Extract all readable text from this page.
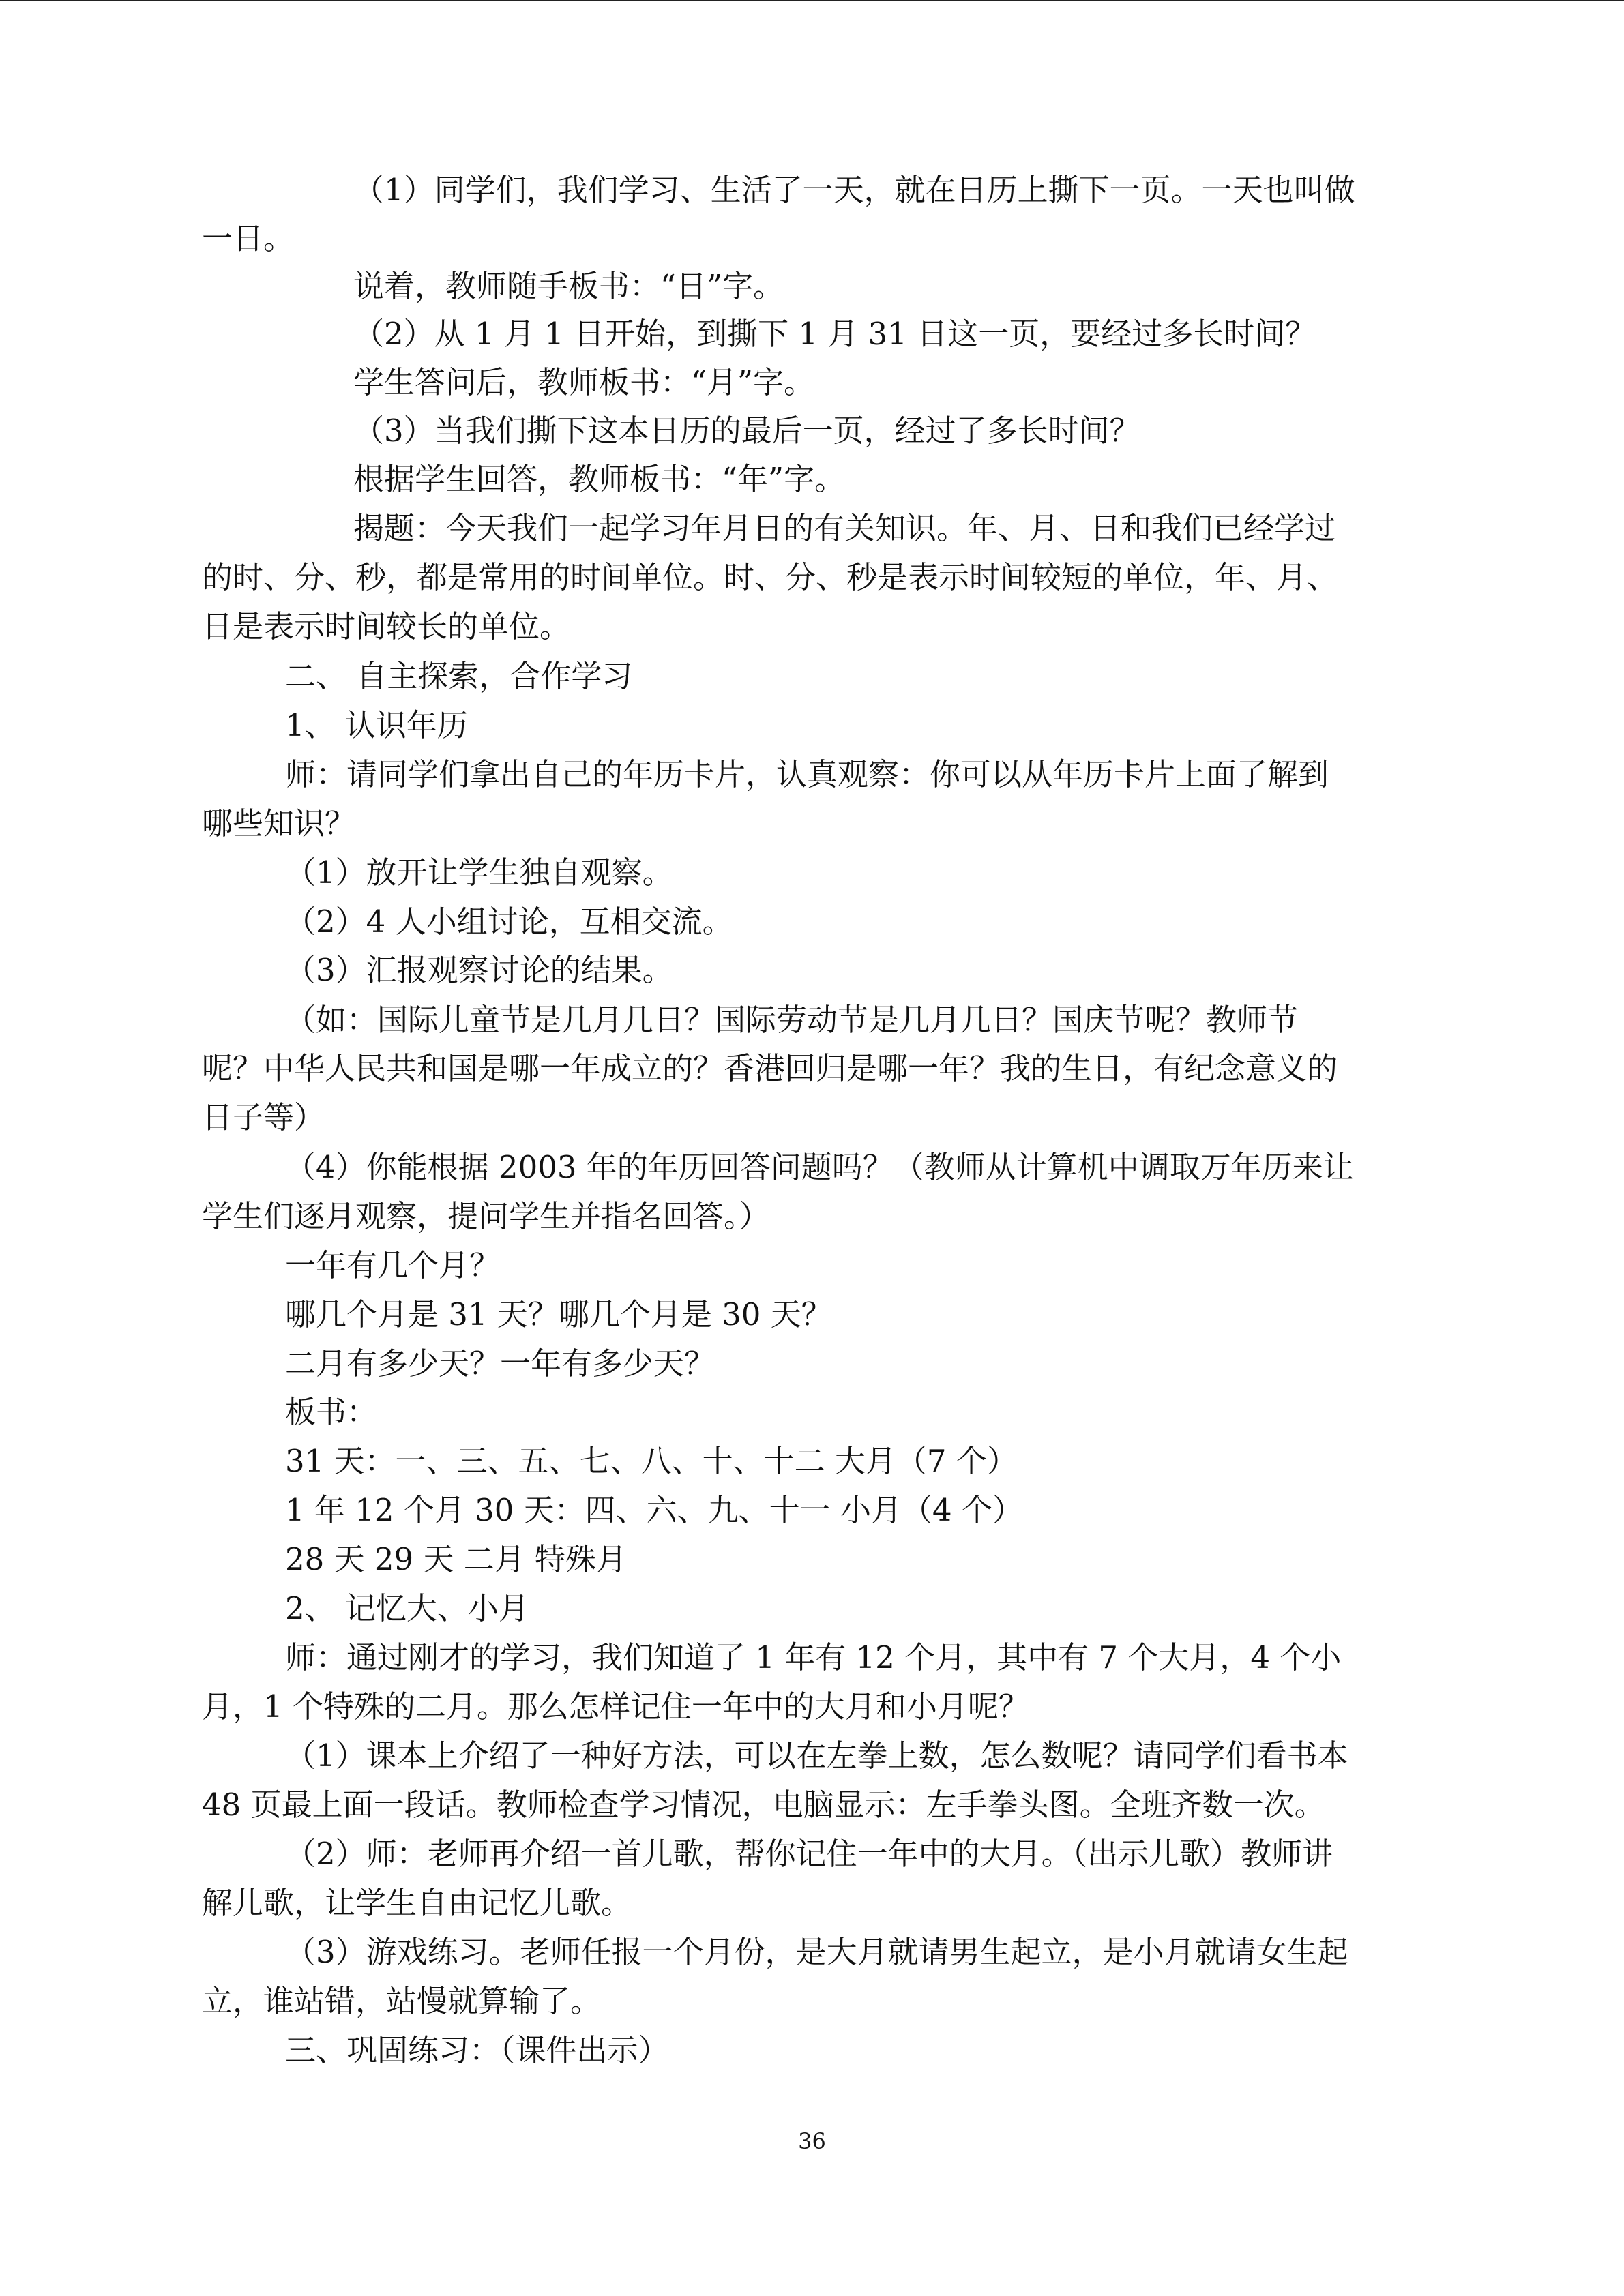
（1）同学们，我们学习、生活了一天，就在日历上撕下一页。一天也叫做
一日。
说着，教师随手板书：“日”字。
（2）从 1 月 1 日开始，到撕下 1 月 31 日这一页，要经过多长时间？
学生答问后，教师板书：“月”字。
（3）当我们撕下这本日历的最后一页，经过了多长时间？
根据学生回答，教师板书：“年”字。
揭题：今天我们一起学习年月日的有关知识。年、月、日和我们已经学过
的时、分、秒，都是常用的时间单位。时、分、秒是表示时间较短的单位，年、月、
日是表示时间较长的单位。
二、 自主探索，合作学习
1、 认识年历
师：请同学们拿出自己的年历卡片，认真观察：你可以从年历卡片上面了解到
哪些知识？
（1）放开让学生独自观察。
（2）4 人小组讨论，互相交流。
（3）汇报观察讨论的结果。
（如：国际儿童节是几月几日？国际劳动节是几月几日？国庆节呢？教师节
呢？中华人民共和国是哪一年成立的？香港回归是哪一年？我的生日，有纪念意义的
日子等）
（4）你能根据 2003 年的年历回答问题吗？（教师从计算机中调取万年历来让
学生们逐月观察，提问学生并指名回答。）
一年有几个月？
哪几个月是 31 天？哪几个月是 30 天？
二月有多少天？一年有多少天？
板书：
31 天：一、三、五、七、八、十、十二 大月（7 个）
1 年 12 个月 30 天：四、六、九、十一 小月（4 个）
28 天 29 天 二月 特殊月
2、 记忆大、小月
师：通过刚才的学习，我们知道了 1 年有 12 个月，其中有 7 个大月，4 个小
月，1 个特殊的二月。那么怎样记住一年中的大月和小月呢？
（1）课本上介绍了一种好方法，可以在左拳上数，怎么数呢？请同学们看书本
48 页最上面一段话。教师检查学习情况，电脑显示：左手拳头图。全班齐数一次。
（2）师：老师再介绍一首儿歌，帮你记住一年中的大月。（出示儿歌）教师讲
解儿歌，让学生自由记忆儿歌。
（3）游戏练习。老师任报一个月份，是大月就请男生起立，是小月就请女生起
立，谁站错，站慢就算输了。
三、巩固练习：（课件出示）
36
